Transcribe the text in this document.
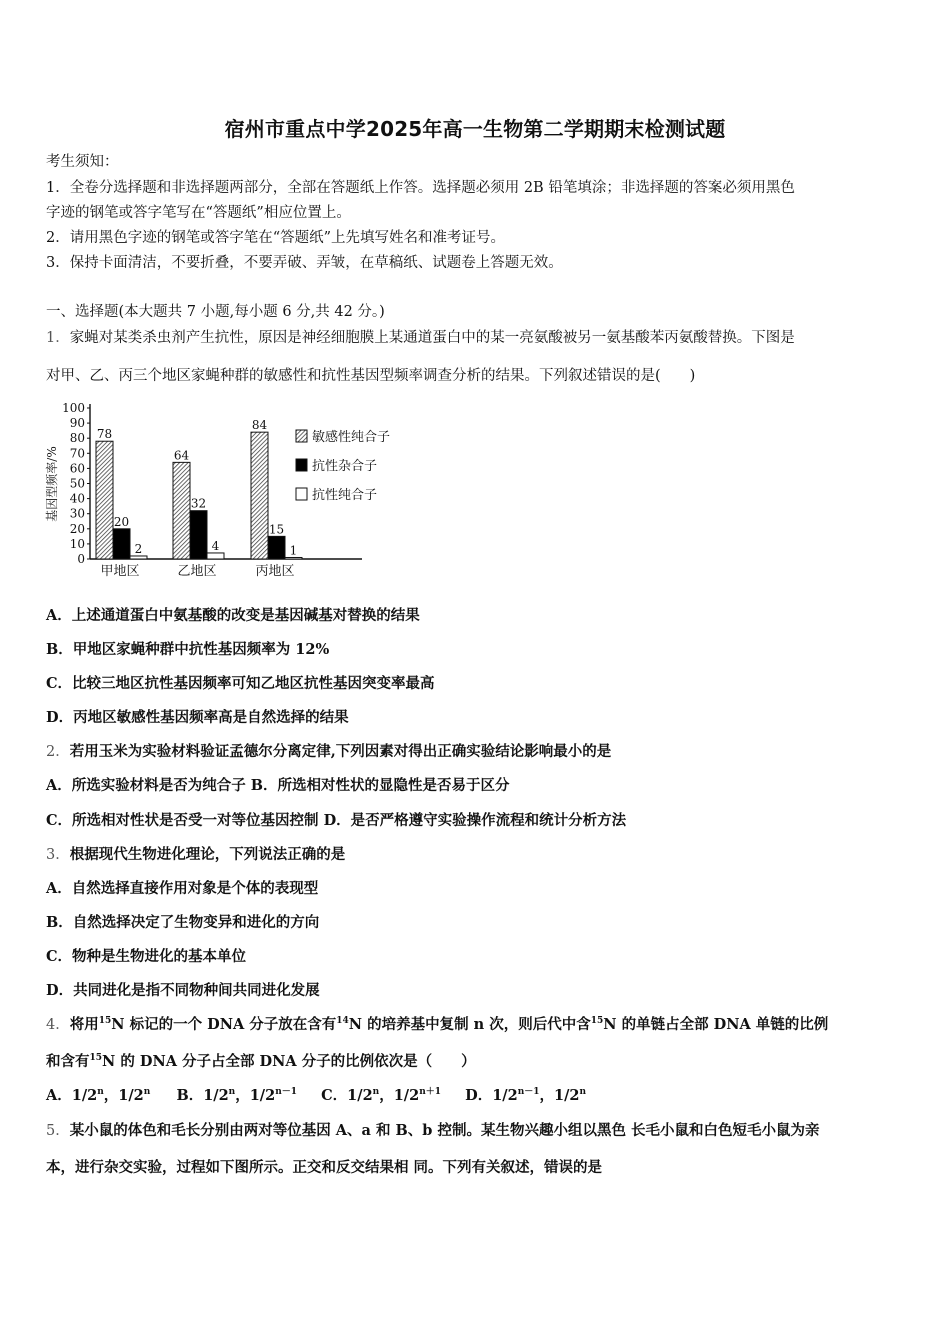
宿州市重点中学2025年高一生物第二学期期末检测试题
考生须知：
1．全卷分选择题和非选择题两部分，全部在答题纸上作答。选择题必须用 2B 铅笔填涂；非选择题的答案必须用黑色
字迹的钢笔或答字笔写在“答题纸”相应位置上。
2．请用黑色字迹的钢笔或答字笔在“答题纸”上先填写姓名和准考证号。
3．保持卡面清洁，不要折叠，不要弄破、弄皱，在草稿纸、试题卷上答题无效。
一、选择题(本大题共 7 小题,每小题 6 分,共 42 分。)
1．家蝇对某类杀虫剂产生抗性，原因是神经细胞膜上某通道蛋白中的某一亮氨酸被另一氨基酸苯丙氨酸替换。下图是
对甲、乙、丙三个地区家蝇种群的敏感性和抗性基因型频率调查分析的结果。下列叙述错误的是(　　)
基因型频率/%
0
10
20
30
40
50
60
70
80
90
100
78
20
2
甲地区
64
32
4
乙地区
84
15
1
丙地区
敏感性纯合子
抗性杂合子
抗性纯合子
A．上述通道蛋白中氨基酸的改变是基因碱基对替换的结果
B．甲地区家蝇种群中抗性基因频率为 12%
C．比较三地区抗性基因频率可知乙地区抗性基因突变率最高
D．丙地区敏感性基因频率高是自然选择的结果
2．若用玉米为实验材料验证孟德尔分离定律,下列因素对得出正确实验结论影响最小的是
A．所选实验材料是否为纯合子 B．所选相对性状的显隐性是否易于区分
C．所选相对性状是否受一对等位基因控制 D．是否严格遵守实验操作流程和统计分析方法
3．根据现代生物进化理论，下列说法正确的是
A．自然选择直接作用对象是个体的表现型
B．自然选择决定了生物变异和进化的方向
C．物种是生物进化的基本单位
D．共同进化是指不同物种间共同进化发展
4．将用$^{15}$N 标记的一个 DNA 分子放在含有$^{14}$N 的培养基中复制 n 次，则后代中含$^{15}$N 的单链占全部 DNA 单链的比例
和含有$^{15}$N 的 DNA 分子占全部 DNA 分子的比例依次是（　　）
A．1/2$^n$，1/2$^n$ B．1/2$^n$，$1/2^{n-1}$ C．1/2$^n$，$1/2^{n+1}$ D．$1/2^{n-1}$，1/2$^n$
5．某小鼠的体色和毛长分别由两对等位基因 A、a 和 B、b 控制。某生物兴趣小组以黑色 长毛小鼠和白色短毛小鼠为亲
本，进行杂交实验，过程如下图所示。正交和反交结果相 同。下列有关叙述，错误的是
